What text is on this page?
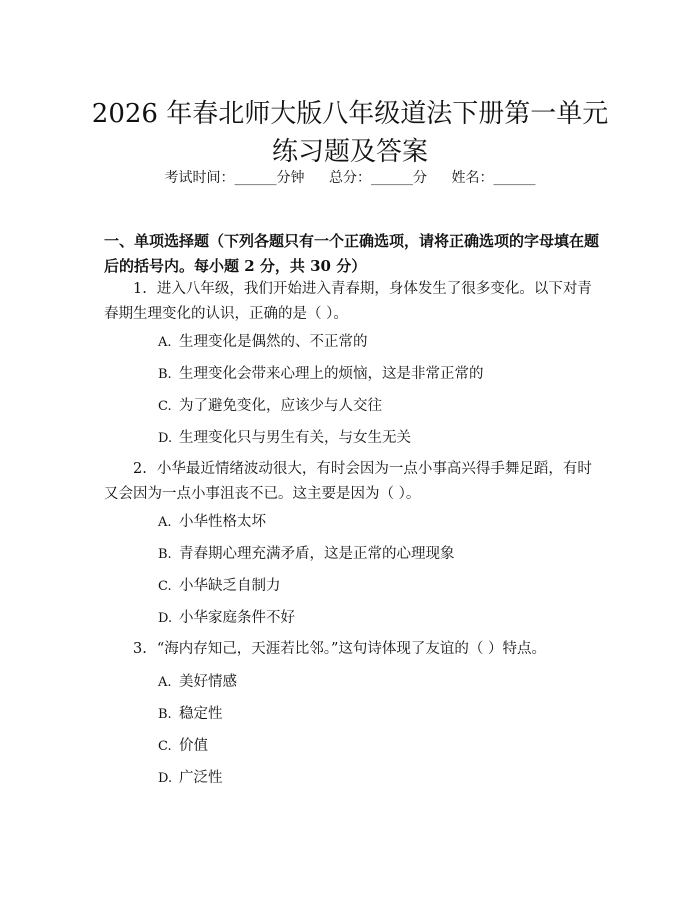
2026 年春北师大版八年级道法下册第一单元
练习题及答案
考试时间：______分钟 总分：______分 姓名：______
一、单项选择题（下列各题只有一个正确选项，请将正确选项的字母填在题后的括号内。每小题 2 分，共 30 分）
1. 进入八年级，我们开始进入青春期，身体发生了很多变化。以下对青春期生理变化的认识，正确的是（ ）。
A. 生理变化是偶然的、不正常的
B. 生理变化会带来心理上的烦恼，这是非常正常的
C. 为了避免变化，应该少与人交往
D. 生理变化只与男生有关，与女生无关
2. 小华最近情绪波动很大，有时会因为一点小事高兴得手舞足蹈，有时又会因为一点小事沮丧不已。这主要是因为（ ）。
A. 小华性格太坏
B. 青春期心理充满矛盾，这是正常的心理现象
C. 小华缺乏自制力
D. 小华家庭条件不好
3. “海内存知己，天涯若比邻。”这句诗体现了友谊的（ ）特点。
A. 美好情感
B. 稳定性
C. 价值
D. 广泛性
